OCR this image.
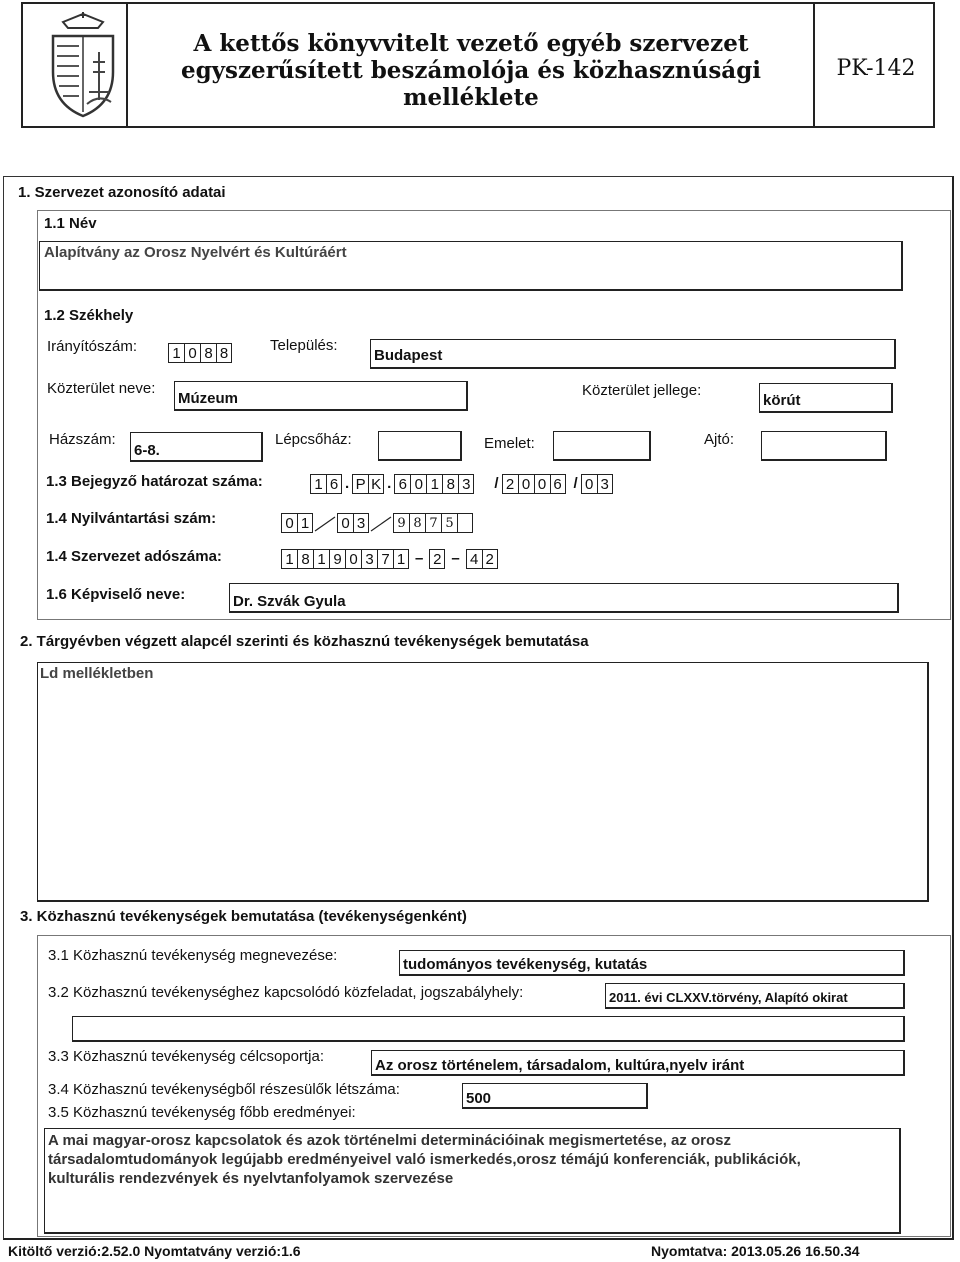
A kettős könyvvitelt vezető egyéb szervezet
egyszerűsített beszámolója és közhasznúsági melléklete
PK-142
1. Szervezet azonosító adatai
1.1 Név
Alapítvány az Orosz Nyelvért és Kultúráért
1.2 Székhely
Irányítószám: 1 0 8 8	Település:
Budapest
Közterület neve:
Múzeum	Közterület jellege:
körút
Házszám:
6-8.
Lépcsőház:	Emelet:	Ajtó:
1.3 Bejegyző határozat száma:	1 6 . P K . 6 0 1 8 3	/ 2 0 0 6 / 0 3
1.4 Nyilvántartási szám:	0 1 0 3	9 8 7 5
1.4 Szervezet adószáma:	1 8 1 9 0 3 7 1 – 2 – 4 2
1.6 Képviselő neve:	Dr. Szvák Gyula
2. Tárgyévben végzett alapcél szerinti és közhasznú tevékenységek bemutatása
Ld mellékletben
3. Közhasznú tevékenységek bemutatása (tevékenységenként)
3.1 Közhasznú tevékenység megnevezése:
tudományos tevékenység, kutatás
3.2 Közhasznú tevékenységhez kapcsolódó közfeladat, jogszabályhely:	2011. évi CLXXV.törvény, Alapító okirat
3.3 Közhasznú tevékenység célcsoportja:
Az orosz történelem, társadalom, kultúra,nyelv iránt
3.4 Közhasznú tevékenységből részesülők létszáma:
500
3.5 Közhasznú tevékenység főbb eredményei:
A mai magyar-orosz kapcsolatok és azok történelmi determinációinak megismertetése, az orosz társadalomtudományok legújabb eredményeivel való ismerkedés,orosz témájú konferenciák, publikációk, kulturális rendezvények és nyelvtanfolyamok szervezése
Kitöltő verzió:2.52.0 Nyomtatvány verzió:1.6	Nyomtatva: 2013.05.26 16.50.34
